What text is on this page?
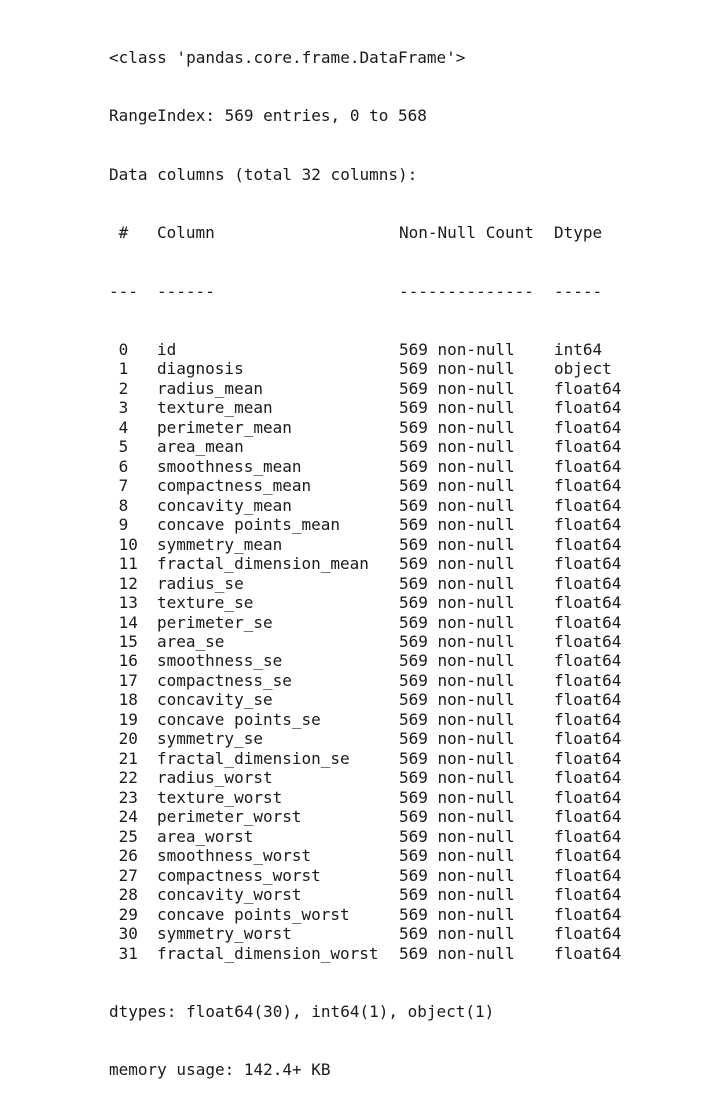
<class 'pandas.core.frame.DataFrame'>

RangeIndex: 569 entries, 0 to 568

Data columns (total 32 columns):

#	Column	Non-Null Count	Dtype

---	------	--------------	-----

0	id	569 non-null	int64
1	diagnosis	569 non-null	object
2	radius_mean	569 non-null	float64
3	texture_mean	569 non-null	float64
4	perimeter_mean	569 non-null	float64
5	area_mean	569 non-null	float64
6	smoothness_mean	569 non-null	float64
7	compactness_mean	569 non-null	float64
8	concavity_mean	569 non-null	float64
9	concave points_mean	569 non-null	float64
10	symmetry_mean	569 non-null	float64
11	fractal_dimension_mean	569 non-null	float64
12	radius_se	569 non-null	float64
13	texture_se	569 non-null	float64
14	perimeter_se	569 non-null	float64
15	area_se	569 non-null	float64
16	smoothness_se	569 non-null	float64
17	compactness_se	569 non-null	float64
18	concavity_se	569 non-null	float64
19	concave points_se	569 non-null	float64
20	symmetry_se	569 non-null	float64
21	fractal_dimension_se	569 non-null	float64
22	radius_worst	569 non-null	float64
23	texture_worst	569 non-null	float64
24	perimeter_worst	569 non-null	float64
25	area_worst	569 non-null	float64
26	smoothness_worst	569 non-null	float64
27	compactness_worst	569 non-null	float64
28	concavity_worst	569 non-null	float64
29	concave points_worst	569 non-null	float64
30	symmetry_worst	569 non-null	float64
31	fractal_dimension_worst	569 non-null	float64

dtypes: float64(30), int64(1), object(1)

memory usage: 142.4+ KB
